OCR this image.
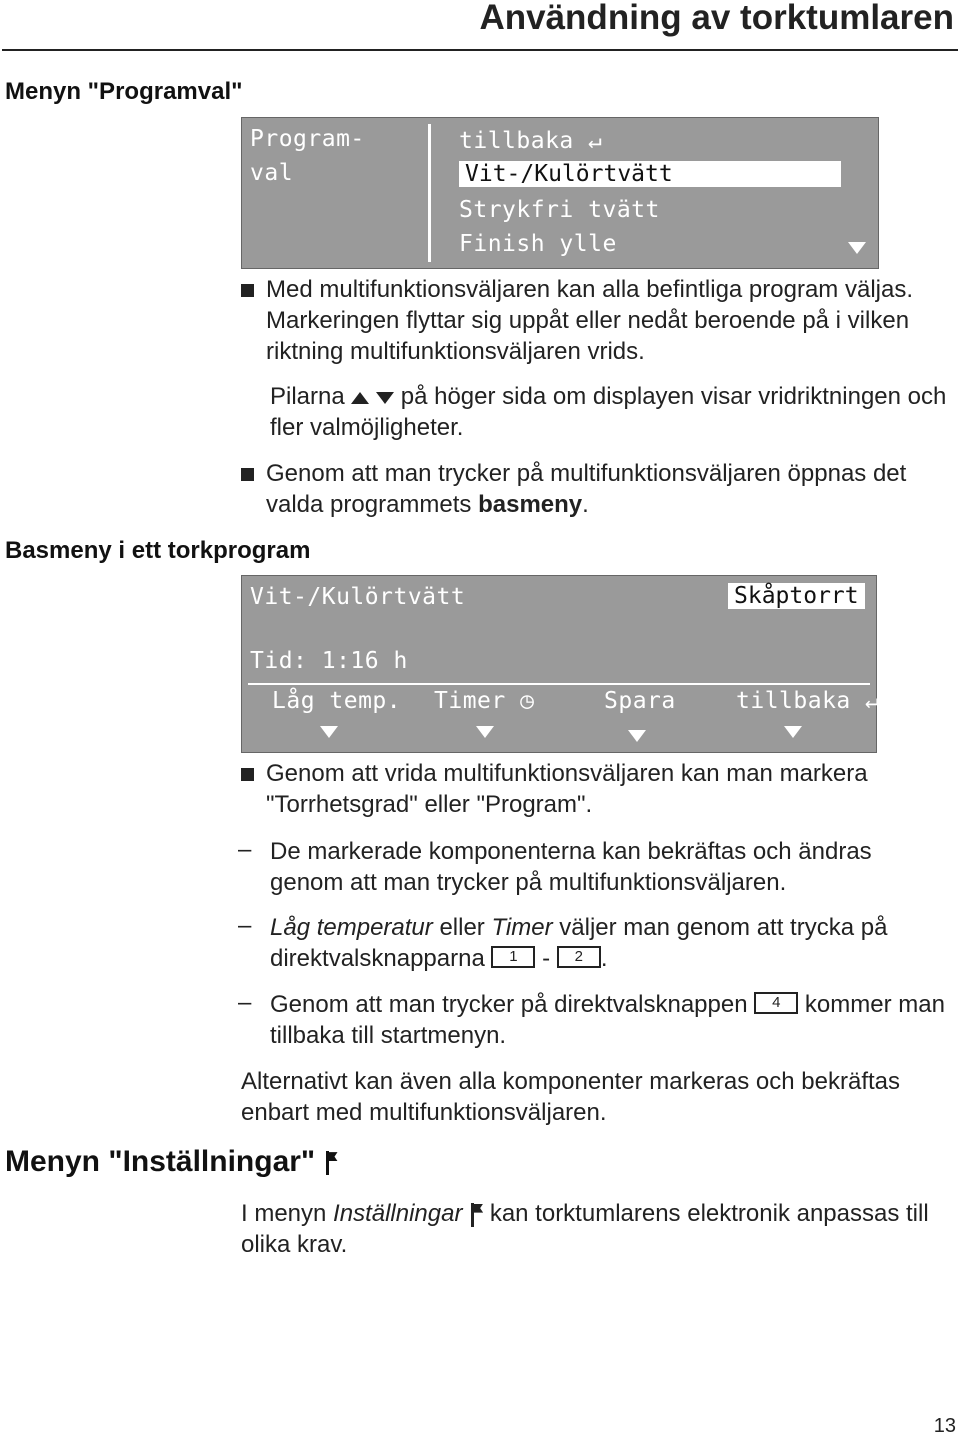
Användning av torktumlaren
Menyn "Programval"
Basmeny i ett torkprogram
Menyn "Inställningar"
Program-
val
tillbaka ↵
Vit-/Kulörtvätt
Strykfri tvätt
Finish ylle
Med multifunktionsväljaren kan alla befintliga program väljas. Markeringen flyttar sig uppåt eller nedåt beroende på i vilken riktning multifunktionsväljaren vrids.
Pilarna på höger sida om displayen visar vridriktningen och fler valmöjligheter.
Genom att man trycker på multifunktionsväljaren öppnas det valda programmets basmeny.
Vit-/Kulörtvätt	Skåptorrt
Tid: 1:16 h
Låg temp. Timer ◷	Spara	tillbaka ↵
Genom att vrida multifunktionsväljaren kan man markera "Torrhetsgrad" eller "Program".
– De markerade komponenterna kan bekräftas och ändras genom att man trycker på multifunktionsväljaren.
– Låg temperatur eller Timer väljer man genom att trycka på direktvalsknapparna 1 - 2 .
– Genom att man trycker på direktvalsknappen 4 kommer man tillbaka till startmenyn.
Alternativt kan även alla komponenter markeras och bekräftas enbart med multifunktionsväljaren.
I menyn Inställningar kan torktumlarens elektronik anpassas till olika krav.
13
